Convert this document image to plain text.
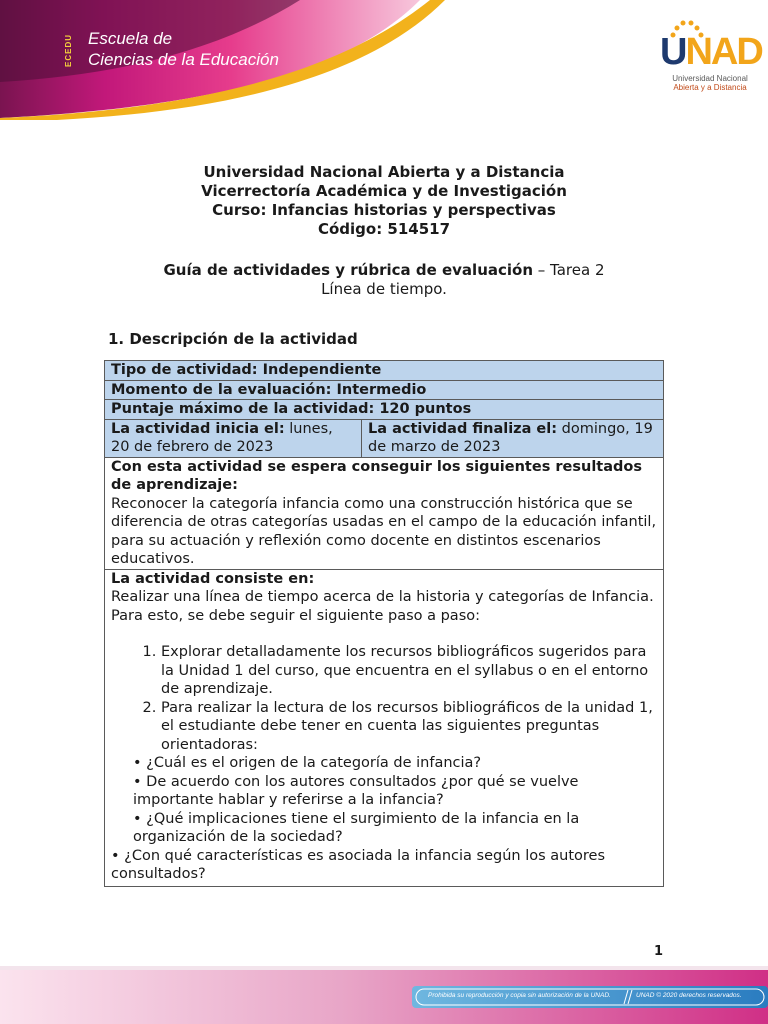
ECEDU Escuela de
Ciencias de la Educación	UNAD
Universidad Nacional
Abierta y a Distancia
Universidad Nacional Abierta y a Distancia
Vicerrectoría Académica y de Investigación
Curso: Infancias historias y perspectivas
Código: 514517
Guía de actividades y rúbrica de evaluación – Tarea 2
Línea de tiempo.
1. Descripción de la actividad
Tipo de actividad: Independiente
Momento de la evaluación: Intermedio
Puntaje máximo de la actividad: 120 puntos
La actividad inicia el: lunes, 20 de febrero de 2023	La actividad finaliza el: domingo, 19 de marzo de 2023

Con esta actividad se espera conseguir los siguientes resultados de aprendizaje:
Reconocer la categoría infancia como una construcción histórica que se diferencia de otras categorías usadas en el campo de la educación infantil, para su actuación y reflexión como docente en distintos escenarios educativos.

La actividad consiste en:
Realizar una línea de tiempo acerca de la historia y categorías de Infancia. Para esto, se debe seguir el siguiente paso a paso:
1. Explorar detalladamente los recursos bibliográficos sugeridos para la Unidad 1 del curso, que encuentra en el syllabus o en el entorno de aprendizaje.
2. Para realizar la lectura de los recursos bibliográficos de la unidad 1, el estudiante debe tener en cuenta las siguientes preguntas orientadoras:
• ¿Cuál es el origen de la categoría de infancia?
• De acuerdo con los autores consultados ¿por qué se vuelve importante hablar y referirse a la infancia?
• ¿Qué implicaciones tiene el surgimiento de la infancia en la organización de la sociedad?
• ¿Con qué características es asociada la infancia según los autores consultados?
1
Prohibida su reproducción y copia sin autorización de la UNAD.	UNAD © 2020 derechos reservados.
